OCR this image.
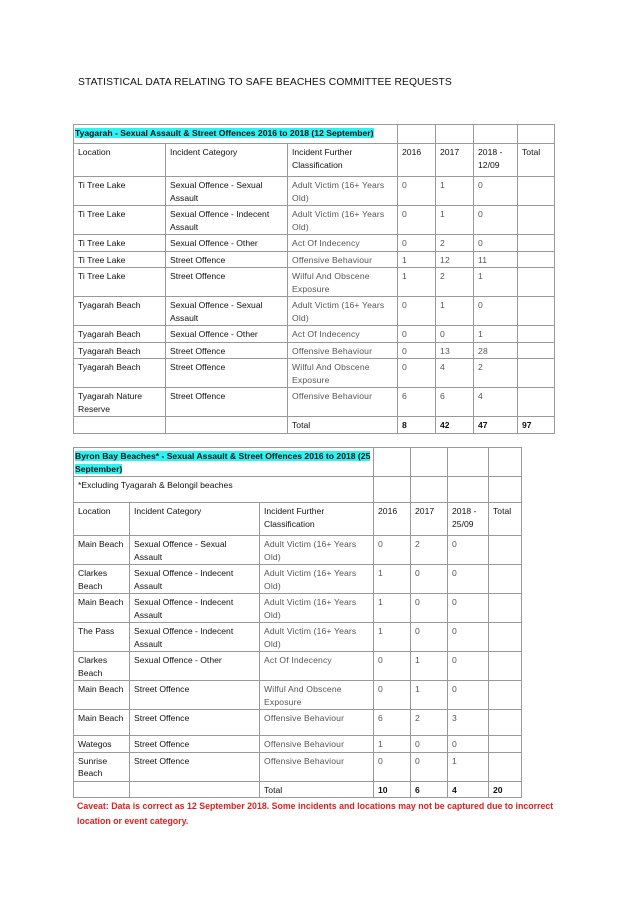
STATISTICAL DATA RELATING TO SAFE BEACHES COMMITTEE REQUESTS
Tyagarah - Sexual Assault & Street Offences 2016 to 2018 (12 September)						
Location	Incident Category	Incident Further Classification	2016	2017	2018 - 12/09	Total
Ti Tree Lake	Sexual Offence - Sexual Assault	Adult Victim (16+ Years Old)	0	1	0	
Ti Tree Lake	Sexual Offence - Indecent Assault	Adult Victim (16+ Years Old)	0	1	0	
Ti Tree Lake	Sexual Offence - Other	Act Of Indecency	0	2	0	
Ti Tree Lake	Street Offence	Offensive Behaviour	1	12	11	
Ti Tree Lake	Street Offence	Wilful And Obscene Exposure	1	2	1	
Tyagarah Beach	Sexual Offence - Sexual Assault	Adult Victim (16+ Years Old)	0	1	0	
Tyagarah Beach	Sexual Offence - Other	Act Of Indecency	0	0	1	
Tyagarah Beach	Street Offence	Offensive Behaviour	0	13	28	
Tyagarah Beach	Street Offence	Wilful And Obscene Exposure	0	4	2	
Tyagarah Nature Reserve	Street Offence	Offensive Behaviour	6	6	4	
		Total	8	42	47	97
Byron Bay Beaches* - Sexual Assault & Street Offences 2016 to 2018 (25 September)						
*Excluding Tyagarah & Belongil beaches						
Location	Incident Category	Incident Further Classification	2016	2017	2018 - 25/09	Total
Main Beach	Sexual Offence - Sexual Assault	Adult Victim (16+ Years Old)	0	2	0	
Clarkes Beach	Sexual Offence - Indecent Assault	Adult Victim (16+ Years Old)	1	0	0	
Main Beach	Sexual Offence - Indecent Assault	Adult Victim (16+ Years Old)	1	0	0	
The Pass	Sexual Offence - Indecent Assault	Adult Victim (16+ Years Old)	1	0	0	
Clarkes Beach	Sexual Offence - Other	Act Of Indecency	0	1	0	
Main Beach	Street Offence	Wilful And Obscene Exposure	0	1	0	
Main Beach	Street Offence	Offensive Behaviour	6	2	3	
Wategos	Street Offence	Offensive Behaviour	1	0	0	
Sunrise Beach	Street Offence	Offensive Behaviour	0	0	1	
		Total	10	6	4	20
Caveat: Data is correct as 12 September 2018. Some incidents and locations may not be captured due to incorrect location or event category.
